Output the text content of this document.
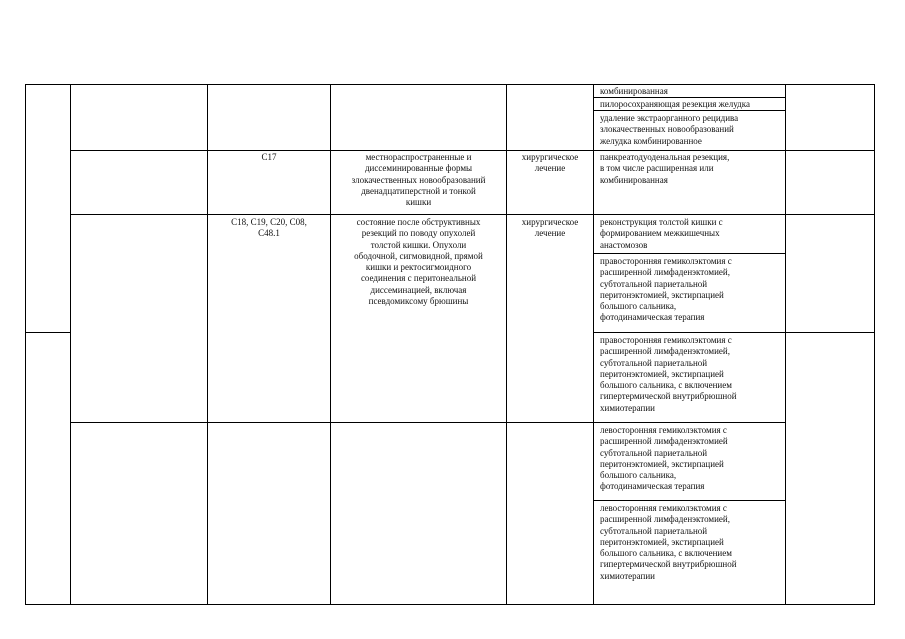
комбинированная
пилоросохраняющая резекция желудка
удаление экстраорганного рецидива
злокачественных новообразований
желудка комбинированное
C17	местнораспространенные и
диссеминированные формы
злокачественных новообразований
двенадцатиперстной и тонкой
кишки
хирургическое
лечение
панкреатодуоденальная резекция,
в том числе расширенная или
комбинированная
C18, C19, C20, C08,
C48.1
состояние после обструктивных
резекций по поводу опухолей
толстой кишки. Опухоли
ободочной, сигмовидной, прямой
кишки и ректосигмоидного
соединения с перитонеальной
диссеминацией, включая
псевдомиксому брюшины
хирургическое
лечение
реконструкция толстой кишки с
формированием межкишечных
анастомозов
правосторонняя гемиколэктомия с
расширенной лимфаденэктомией,
субтотальной париетальной
перитонэктомией, экстирпацией
большого сальника,
фотодинамическая терапия
правосторонняя гемиколэктомия с
расширенной лимфаденэктомией,
субтотальной париетальной
перитонэктомией, экстирпацией
большого сальника, с включением
гипертермической внутрибрюшной
химиотерапии
левосторонняя гемиколэктомия с
расширенной лимфаденэктомией
субтотальной париетальной
перитонэктомией, экстирпацией
большого сальника,
фотодинамическая терапия
левосторонняя гемиколэктомия с
расширенной лимфаденэктомией,
субтотальной париетальной
перитонэктомией, экстирпацией
большого сальника, с включением
гипертермической внутрибрюшной
химиотерапии
